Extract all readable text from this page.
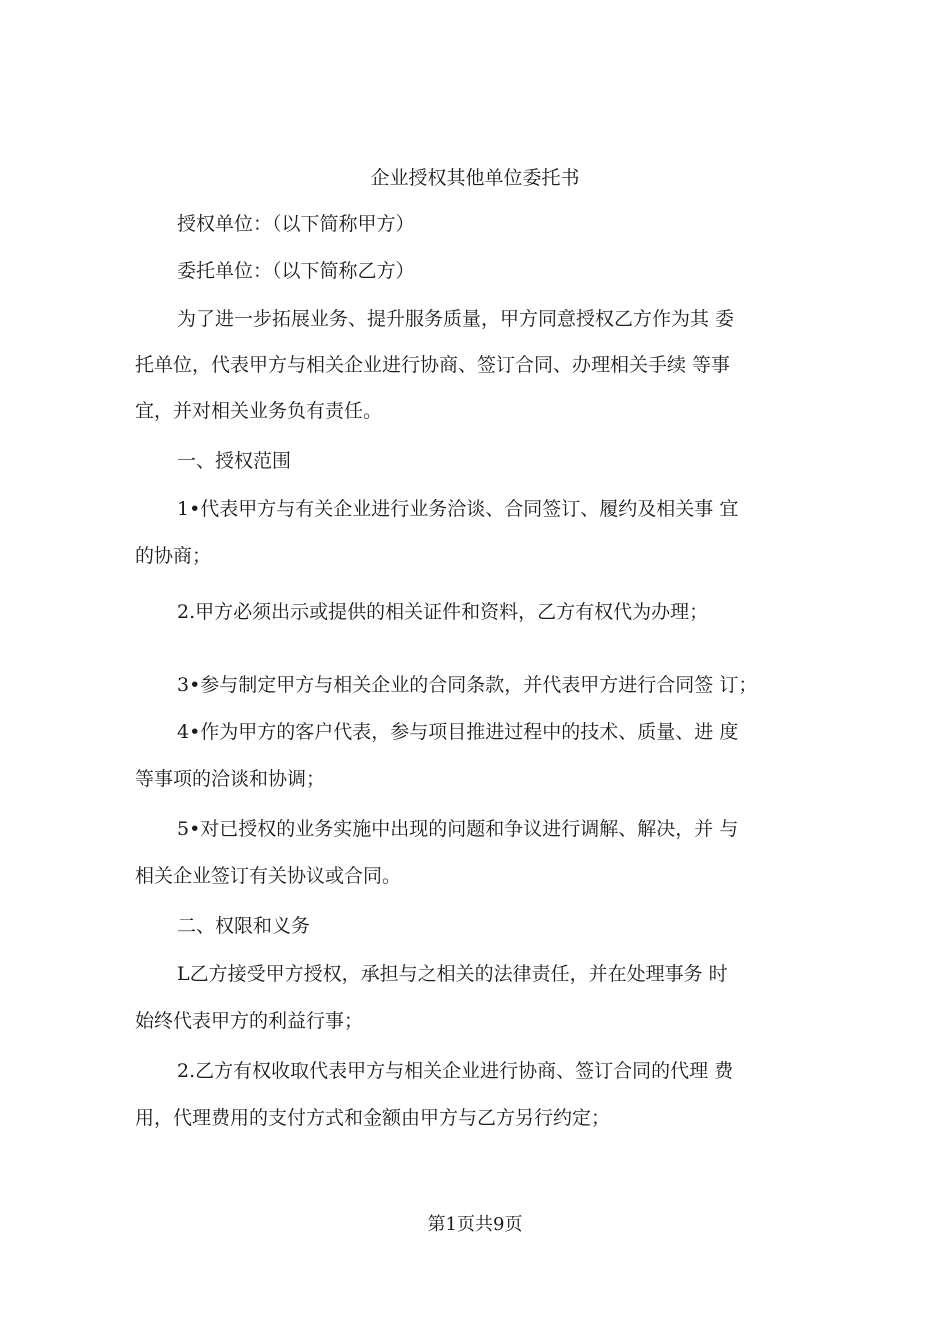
企业授权其他单位委托书
授权单位：（以下简称甲方）
委托单位：（以下简称乙方）
为了进一步拓展业务、提升服务质量，甲方同意授权乙方作为其 委
托单位，代表甲方与相关企业进行协商、签订合同、办理相关手续 等事
宜，并对相关业务负有责任。
一、授权范围
1•代表甲方与有关企业进行业务洽谈、合同签订、履约及相关事 宜
的协商；
2.甲方必须出示或提供的相关证件和资料，乙方有权代为办理；
3•参与制定甲方与相关企业的合同条款，并代表甲方进行合同签 订；
4•作为甲方的客户代表，参与项目推进过程中的技术、质量、进 度
等事项的洽谈和协调；
5•对已授权的业务实施中出现的问题和争议进行调解、解决，并 与
相关企业签订有关协议或合同。
二、权限和义务
L乙方接受甲方授权，承担与之相关的法律责任，并在处理事务 时
始终代表甲方的利益行事；
2.乙方有权收取代表甲方与相关企业进行协商、签订合同的代理 费
用，代理费用的支付方式和金额由甲方与乙方另行约定；
第1页共9页
